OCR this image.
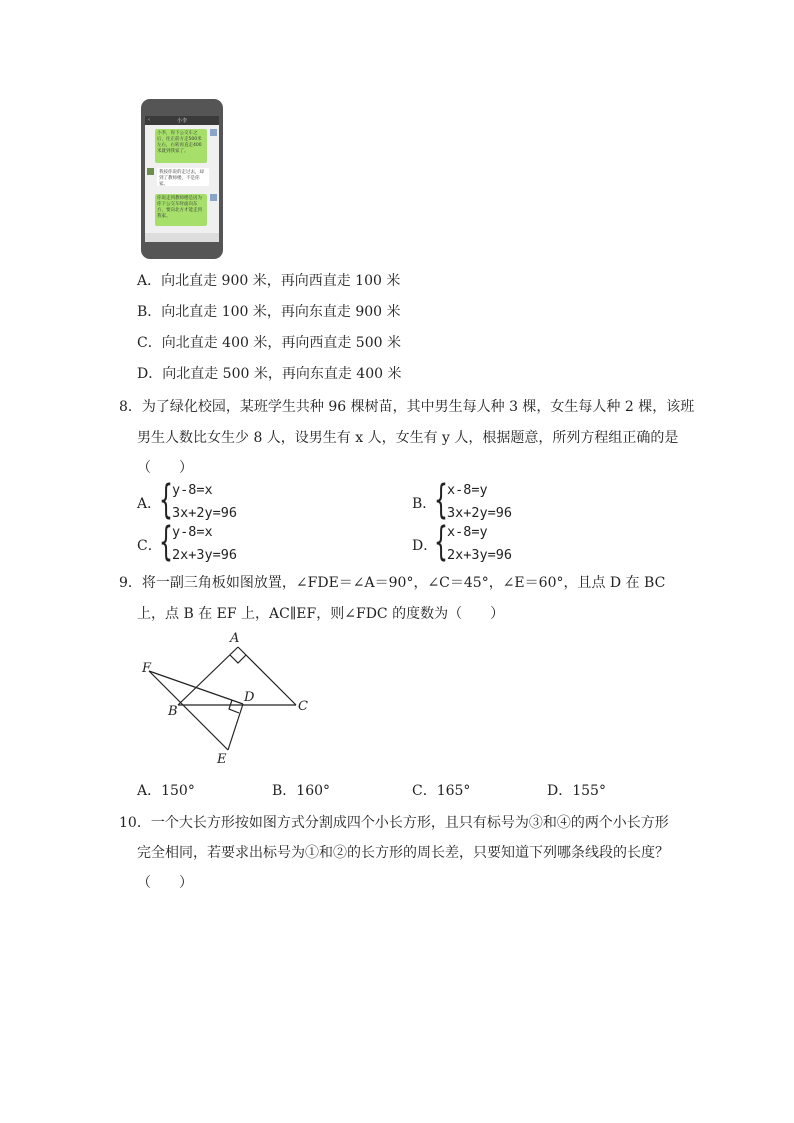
‹	小李
小李，你下公交车之后，往正前方走500米左右，右转再直走400米就到我家了。
我按你说的走过去，却到了教师楼，不是你家。
你说走到教师楼是因为你下公交车时面向东方，要向北方才能走到我家。
A．向北直走 900 米，再向西直走 100 米
B．向北直走 100 米，再向东直走 900 米
C．向北直走 400 米，再向西直走 500 米
D．向北直走 500 米，再向东直走 400 米
8．为了绿化校园，某班学生共种 96 棵树苗，其中男生每人种 3 棵，女生每人种 2 棵，该班
男生人数比女生少 8 人，设男生有 x 人，女生有 y 人，根据题意，所列方程组正确的是
（　　）
A．
{ y-8=x
3x+2y=96
B．
{ x-8=y
3x+2y=96
C．
{ y-8=x
2x+3y=96
D．
{ x-8=y
2x+3y=96
9．将一副三角板如图放置，∠FDE＝∠A＝90°，∠C＝45°，∠E＝60°，且点 D 在 BC
上，点 B 在 EF 上，AC∥EF，则∠FDC 的度数为（　　）
A
F
B
D
C
E
A．150°	B．160°	C．165°	D．155°
10．一个大长方形按如图方式分割成四个小长方形，且只有标号为③和④的两个小长方形
完全相同，若要求出标号为①和②的长方形的周长差，只要知道下列哪条线段的长度？
（　　）
